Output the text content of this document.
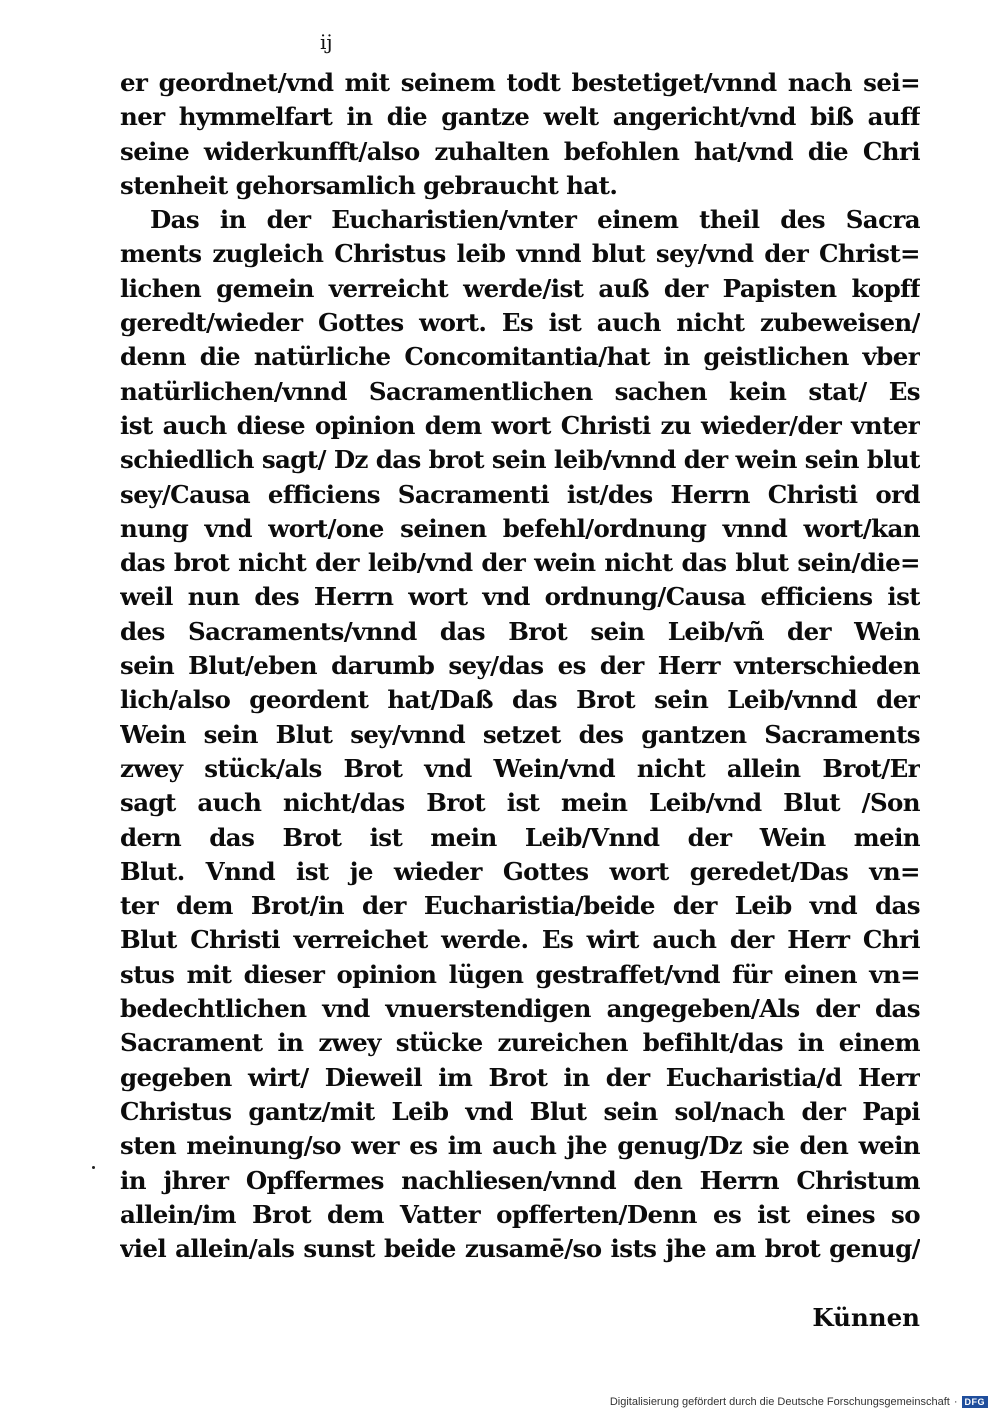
ij
er geordnet/vnd mit seinem todt bestetiget/vnnd nach sei=
ner hymmelfart in die gantze welt angericht/vnd biß auff
seine widerkunfft/also zuhalten befohlen hat/vnd die Chri
stenheit gehorsamlich gebraucht hat.
Das in der Eucharistien/vnter einem theil des Sacra
ments zugleich Christus leib vnnd blut sey/vnd der Christ=
lichen gemein verreicht werde/ist auß der Papisten kopff
geredt/wieder Gottes wort. Es ist auch nicht zubeweisen/
denn die natürliche Concomitantia/hat in geistlichen vber
natürlichen/vnnd Sacramentlichen sachen kein stat/ Es
ist auch diese opinion dem wort Christi zu wieder/der vnter
schiedlich sagt/ Dz das brot sein leib/vnnd der wein sein blut
sey/Causa efficiens Sacramenti ist/des Herrn Christi ord
nung vnd wort/one seinen befehl/ordnung vnnd wort/kan
das brot nicht der leib/vnd der wein nicht das blut sein/die=
weil nun des Herrn wort vnd ordnung/Causa efficiens ist
des Sacraments/vnnd das Brot sein Leib/vñ der Wein
sein Blut/eben darumb sey/das es der Herr vnterschieden
lich/also geordent hat/Daß das Brot sein Leib/vnnd der
Wein sein Blut sey/vnnd setzet des gantzen Sacraments
zwey stück/als Brot vnd Wein/vnd nicht allein Brot/Er
sagt auch nicht/das Brot ist mein Leib/vnd Blut /Son
dern das Brot ist mein Leib/Vnnd der Wein mein
Blut. Vnnd ist je wieder Gottes wort geredet/Das vn=
ter dem Brot/in der Eucharistia/beide der Leib vnd das
Blut Christi verreichet werde. Es wirt auch der Herr Chri
stus mit dieser opinion lügen gestraffet/vnd für einen vn=
bedechtlichen vnd vnuerstendigen angegeben/Als der das
Sacrament in zwey stücke zureichen befihlt/das in einem
gegeben wirt/ Dieweil im Brot in der Eucharistia/d Herr
Christus gantz/mit Leib vnd Blut sein sol/nach der Papi
sten meinung/so wer es im auch jhe genug/Dz sie den wein
in jhrer Opffermes nachliesen/vnnd den Herrn Christum
allein/im Brot dem Vatter opfferten/Denn es ist eines so
viel allein/als sunst beide zusamē/so ists jhe am brot genug/
Künnen
Digitalisierung gefördert durch die Deutsche Forschungsgemeinschaft · DFG
